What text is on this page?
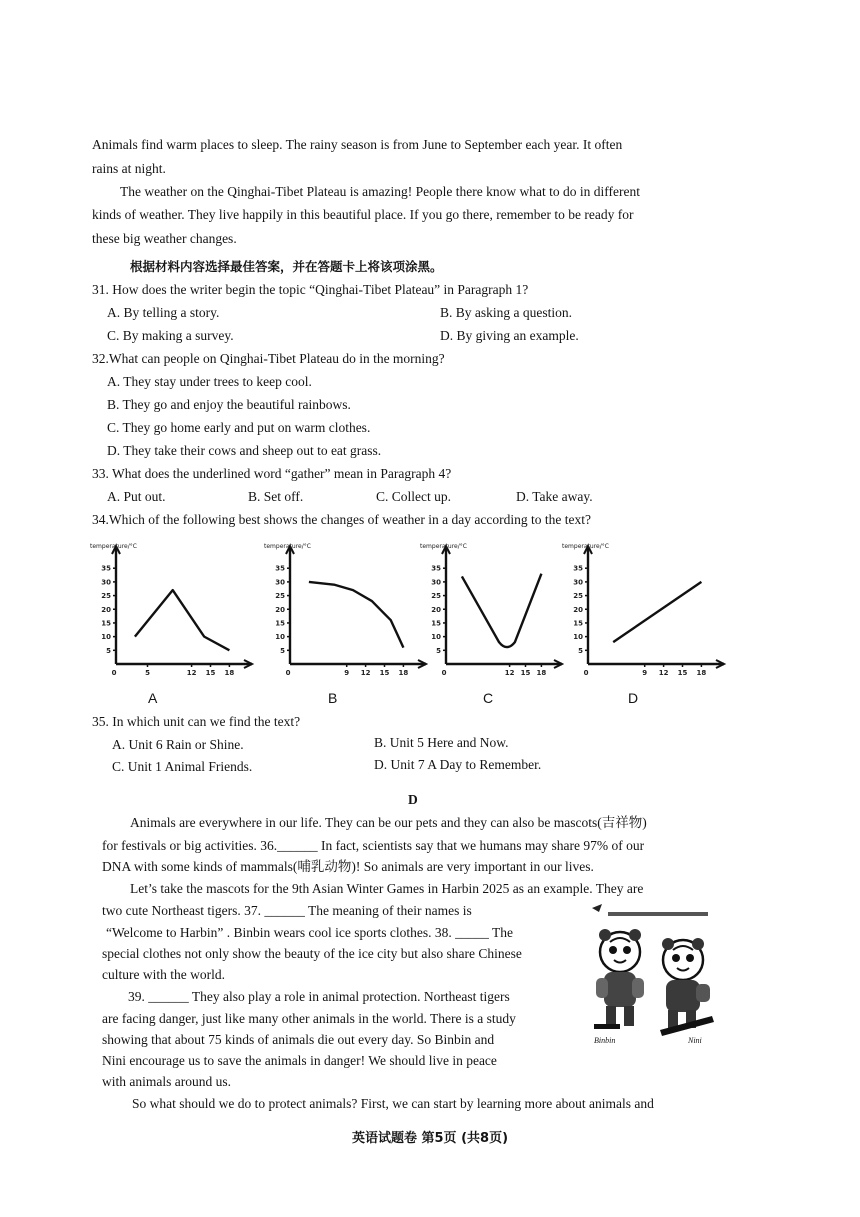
Animals find warm places to sleep. The rainy season is from June to September each year. It often
rains at night.
The weather on the Qinghai-Tibet Plateau is amazing! People there know what to do in different
kinds of weather. They live happily in this beautiful place. If you go there, remember to be ready for
these big weather changes.
根据材料内容选择最佳答案，并在答题卡上将该项涂黑。
31. How does the writer begin the topic “Qinghai-Tibet Plateau” in Paragraph 1?
A. By telling a story.	B. By asking a question.
C. By making a survey.	D. By giving an example.
32.What can people on Qinghai-Tibet Plateau do in the morning?
A. They stay under trees to keep cool.
B. They go and enjoy the beautiful rainbows.
C. They go home early and put on warm clothes.
D. They take their cows and sheep out to eat grass.
33. What does the underlined word “gather” mean in Paragraph 4?
A. Put out.	B. Set off.	C. Collect up.	D. Take away.
34.Which of the following best shows the changes of weather in a day according to the text?
temperature/°C
5
10
15
20
25
30
35
0	5	12 15 18
temperature/°C
5
10
15
20
25
30
35
0	9 12 15 18
temperature/°C
5
10
15
20
25
30
35
0	12 15 18
temperature/°C
5
10
15
20
25
30
35
0	9 12 15 18
A	B	C	D
35. In which unit can we find the text?
A. Unit 6 Rain or Shine.	B. Unit 5 Here and Now.
C. Unit 1 Animal Friends.	D. Unit 7 A Day to Remember.
D
Animals are everywhere in our life. They can be our pets and they can also be mascots(吉祥物)
for festivals or big activities. 36.______ In fact, scientists say that we humans may share 97% of our
DNA with some kinds of mammals(哺乳动物)! So animals are very important in our lives.
Let’s take the mascots for the 9th Asian Winter Games in Harbin 2025 as an example. They are
two cute Northeast tigers. 37. ______ The meaning of their names is
“Welcome to Harbin” . Binbin wears cool ice sports clothes. 38. _____ The
special clothes not only show the beauty of the ice city but also share Chinese
culture with the world.
39. ______ They also play a role in animal protection. Northeast tigers
are facing danger, just like many other animals in the world. There is a study
showing that about 75 kinds of animals die out every day. So Binbin and
Nini encourage us to save the animals in danger! We should live in peace
with animals around us.
So what should we do to protect animals? First, we can start by learning more about animals and
Binbin	Nini
英语试题卷 第5页 (共8页)
